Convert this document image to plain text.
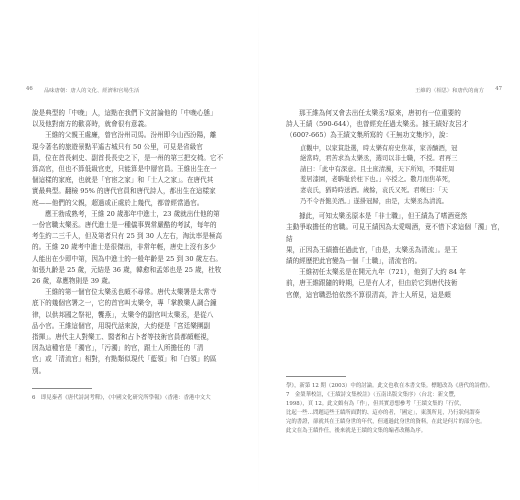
46 品味唐朝：唐人的文化、經濟和官場生活

說是典型的「中晚」人，這點在我們下文討論他的「中晚心態」

以及他對南方的歡喜時，就會很有意義。

王維的父親王處廉，曾官汾州司馬。汾州即今山西汾陽，離

現今著名的旅遊景點平遙古城只有 50 公里，可見是省級官

員，位在首長刺史、副首長長史之下，是一州的第三把交椅。它不

算高官，但也不算低級官吏，只能算是中層官員。王維出生在一

個這樣的家庭，也就是「官宦之家」和「士人之家」。在唐代其

實最典型。翻檢 95% 的唐代官員和唐代詩人，都出生在這樣家

庭——他們的父親，超過或正處於上幾代，都曾經當過官。

應王勃成熟考，王維 20 歲那年中進士，23 歲就出仕他的第

一份官職太樂丞。唐代進士是一種儀事異常嚴酷的考試，每年的

考生約二三千人，但及第者只有 25 到 30 人左右，淘汰率是極高

的。王維 20 歲考中進士是很傑出，非常年輕，唐史上沒有多少

人能出在少即中第，因為中進士的一般年齡是 25 到 30 歲左右。

如張九齡是 25 歲，元結是 36 歲，韓愈和孟郊也是 25 歲，杜牧

26 歲，韋應物則是 39 歲。

王維的第一個官位太樂丞也頗不尋常。唐代太樂署是太常寺

底下的幾個官署之一，它的首官叫太樂令，專「掌教樂人調合鐘

律，以供邦國之祭祀，饗燕」，太樂令的副官叫太樂丞，是從八

品小官。王維這個官，用現代話來說，大約便是「宮廷樂團副

指揮」。唐代主人對樂工、醫者和占卜者等技術官員都頗輕視，

因為這種官是「濁官」，「污濁」的官，跟士人所擔任的「清

官」或「清流官」相對，有點類似現代「藍領」和「白領」的區

別。

6　即見秦者《唐代詩詞考釋》，《中國文化研究所學報》（香港：香港中文大

王維的〈相思〉和唐代的南方 47

那王維為何又會去出任太樂丞?原來，唐初有一位重要的

詩人王績（590-644），也曾經充任過太樂丞。據王績好友呂才

（600?-665）為王績文集所寫的《王無功文集序》，說：

貞觀中，以家貧赴選，時太樂有府史焦革，家善釀酒，冠
絕當時，君苦求為太樂丞，選司以非士職，不授。君再三
請曰：「此中有深意。且士庶清濁，天下所知，不聞莊周
羞居漆園，老聃耻於柱下也。」卒授之。數月而焦革死，
妻袁氏，猶時時送酒。歲餘，袁氏又死。君嘆曰：「天
乃不令吾飽美酒。」遂掛冠歸，由是，太樂丞為清流。

據此，可知太樂丞原本是「非士職」，但王績為了嗜酒竟然

主動爭取擔任的官職。可見王績因為太愛喝酒，竟不惜下求這個「濁」官，結

果，正因為王績擔任過此官，「由是，太樂丞為清流」。是王

績的經歷把此官變為一個「士職」，清流官的。

王維初任太樂丞是在開元九年（721），他到了大約 84 年

前，唐王維跟隨的時期，已是有人才，但由於它到唐代技術

官僚，這官職恐怕依然不算很清高，許士人所見，這是頗

學》，新第 12 期（2003）中的討論。此文也收在本書文集。標題改為《唐代的詩僧》。

7　金榮華校註，《王績詩文集校註》（五南出版文集序）（台北：新文豐，

1998），頁 12。此文頗有為「作」，但其實意想參考「王績文集的「行伏，

比起一些…問題這些王績所面對的、這亦的者，「國定」，東漢所見，乃行狀何謂奏

完的書證，卻就其在王績身世的年代，但通過此身世的資料，在此是何片的部分也。

此文在為王績作任，後來就是王績的文集的編者改稱為序。
